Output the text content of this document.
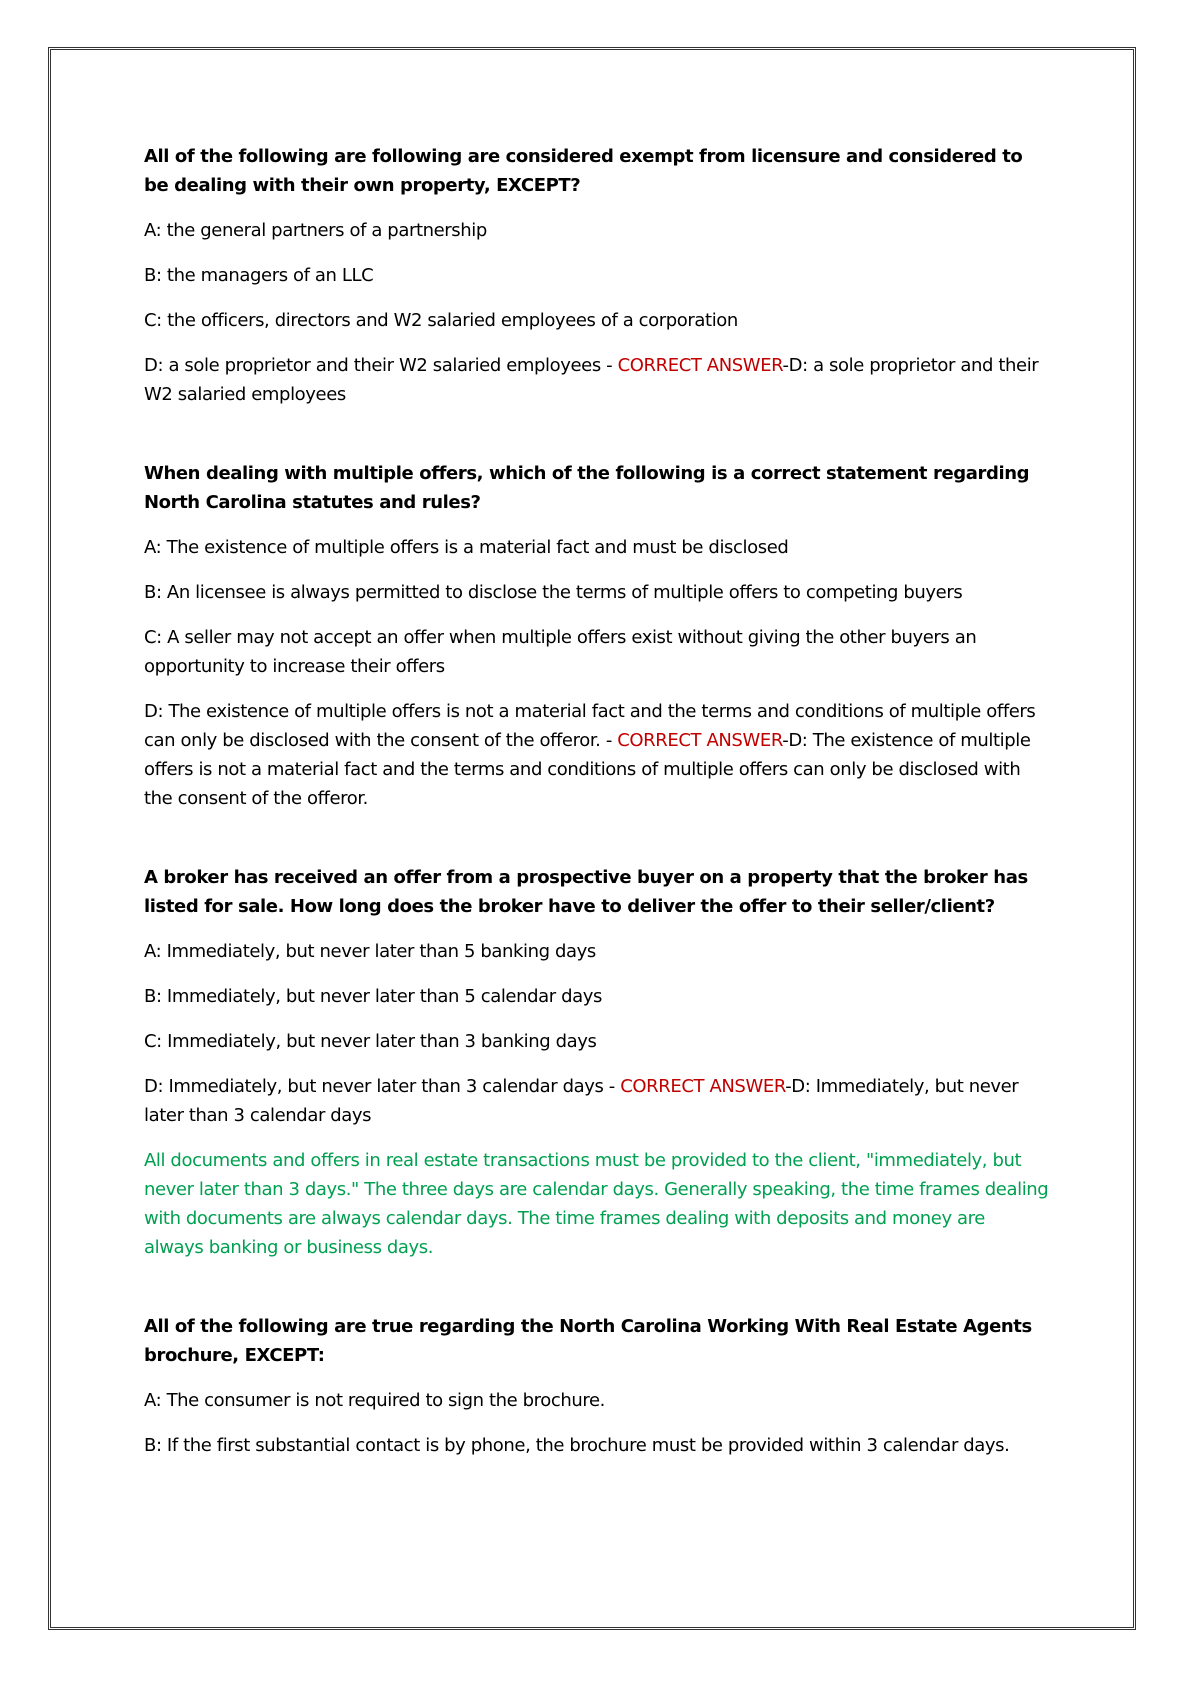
All of the following are following are considered exempt from licensure and considered to be dealing with their own property, EXCEPT?

A: the general partners of a partnership

B: the managers of an LLC

C: the officers, directors and W2 salaried employees of a corporation

D: a sole proprietor and their W2 salaried employees - CORRECT ANSWER-D: a sole proprietor and their W2 salaried employees

When dealing with multiple offers, which of the following is a correct statement regarding North Carolina statutes and rules?

A: The existence of multiple offers is a material fact and must be disclosed

B: An licensee is always permitted to disclose the terms of multiple offers to competing buyers

C: A seller may not accept an offer when multiple offers exist without giving the other buyers an opportunity to increase their offers

D: The existence of multiple offers is not a material fact and the terms and conditions of multiple offers can only be disclosed with the consent of the offeror. - CORRECT ANSWER-D: The existence of multiple offers is not a material fact and the terms and conditions of multiple offers can only be disclosed with the consent of the offeror.

A broker has received an offer from a prospective buyer on a property that the broker has listed for sale. How long does the broker have to deliver the offer to their seller/client?

A: Immediately, but never later than 5 banking days

B: Immediately, but never later than 5 calendar days

C: Immediately, but never later than 3 banking days

D: Immediately, but never later than 3 calendar days - CORRECT ANSWER-D: Immediately, but never later than 3 calendar days

All documents and offers in real estate transactions must be provided to the client, "immediately, but never later than 3 days." The three days are calendar days. Generally speaking, the time frames dealing with documents are always calendar days. The time frames dealing with deposits and money are always banking or business days.

All of the following are true regarding the North Carolina Working With Real Estate Agents brochure, EXCEPT:

A: The consumer is not required to sign the brochure.

B: If the first substantial contact is by phone, the brochure must be provided within 3 calendar days.
